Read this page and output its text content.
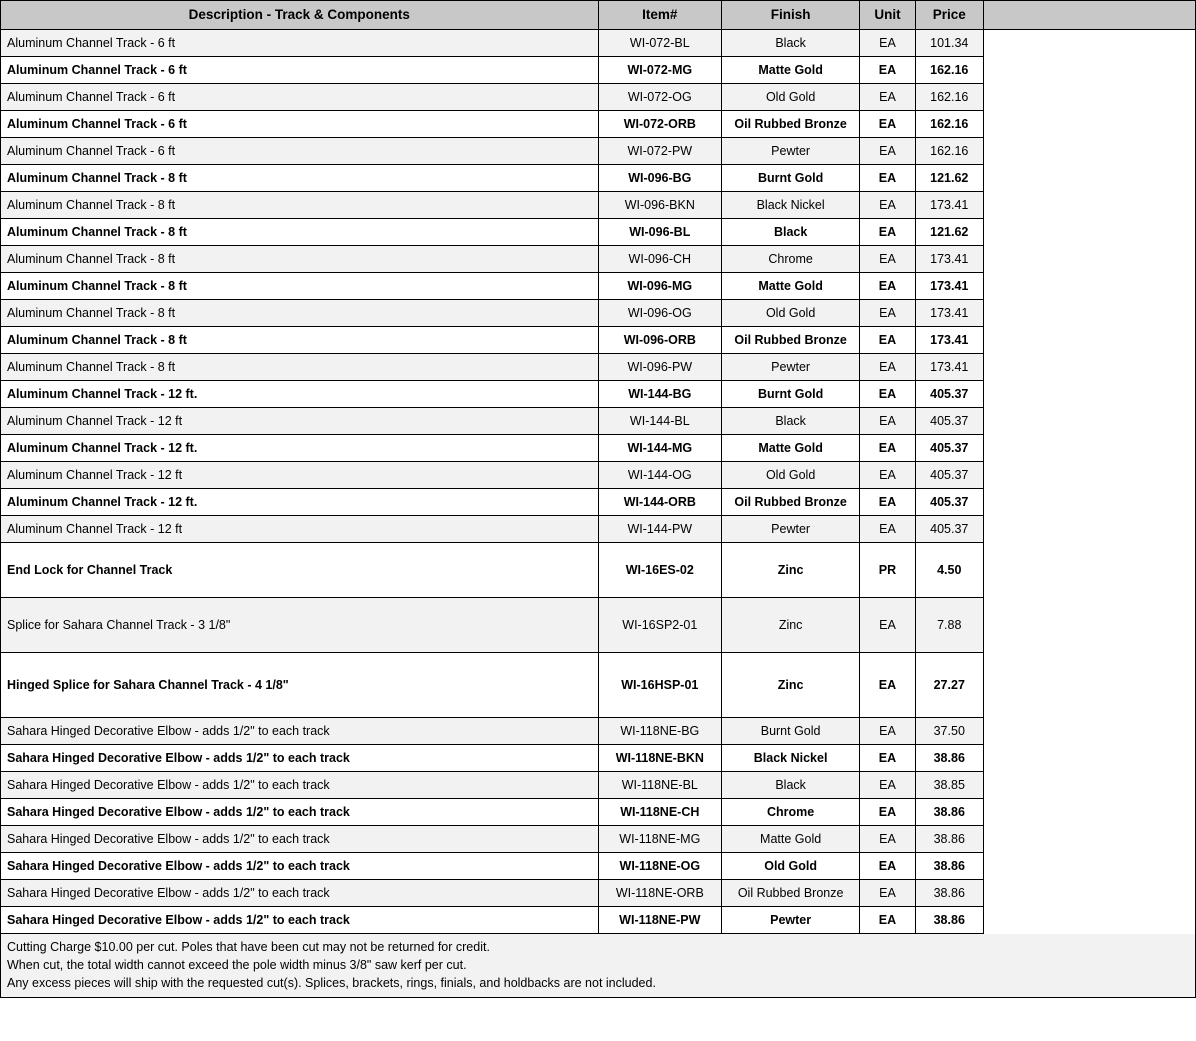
Description - Track & Components	Item#	Finish	Unit	Price	
Aluminum Channel Track - 6 ft	WI-072-BL	Black	EA	101.34	
Aluminum Channel Track - 6 ft	WI-072-MG	Matte Gold	EA	162.16	
Aluminum Channel Track - 6 ft	WI-072-OG	Old Gold	EA	162.16	
Aluminum Channel Track - 6 ft	WI-072-ORB	Oil Rubbed Bronze	EA	162.16	
Aluminum Channel Track - 6 ft	WI-072-PW	Pewter	EA	162.16	
Aluminum Channel Track - 8 ft	WI-096-BG	Burnt Gold	EA	121.62	
Aluminum Channel Track - 8 ft	WI-096-BKN	Black Nickel	EA	173.41	
Aluminum Channel Track - 8 ft	WI-096-BL	Black	EA	121.62	
Aluminum Channel Track - 8 ft	WI-096-CH	Chrome	EA	173.41	
Aluminum Channel Track - 8 ft	WI-096-MG	Matte Gold	EA	173.41	
Aluminum Channel Track - 8 ft	WI-096-OG	Old Gold	EA	173.41	
Aluminum Channel Track - 8 ft	WI-096-ORB	Oil Rubbed Bronze	EA	173.41	
Aluminum Channel Track - 8 ft	WI-096-PW	Pewter	EA	173.41	
Aluminum Channel Track - 12 ft.	WI-144-BG	Burnt Gold	EA	405.37	
Aluminum Channel Track - 12 ft	WI-144-BL	Black	EA	405.37	
Aluminum Channel Track - 12 ft.	WI-144-MG	Matte Gold	EA	405.37	
Aluminum Channel Track - 12 ft	WI-144-OG	Old Gold	EA	405.37	
Aluminum Channel Track - 12 ft.	WI-144-ORB	Oil Rubbed Bronze	EA	405.37	
Aluminum Channel Track - 12 ft	WI-144-PW	Pewter	EA	405.37	
End Lock for Channel Track	WI-16ES-02	Zinc	PR	4.50	
Splice for Sahara Channel Track - 3 1/8"	WI-16SP2-01	Zinc	EA	7.88	
Hinged Splice for Sahara Channel Track - 4 1/8"	WI-16HSP-01	Zinc	EA	27.27	
Sahara Hinged Decorative Elbow - adds 1/2" to each track	WI-118NE-BG	Burnt Gold	EA	37.50	
Sahara Hinged Decorative Elbow - adds 1/2" to each track	WI-118NE-BKN	Black Nickel	EA	38.86	
Sahara Hinged Decorative Elbow - adds 1/2" to each track	WI-118NE-BL	Black	EA	38.85	
Sahara Hinged Decorative Elbow - adds 1/2" to each track	WI-118NE-CH	Chrome	EA	38.86	
Sahara Hinged Decorative Elbow - adds 1/2" to each track	WI-118NE-MG	Matte Gold	EA	38.86	
Sahara Hinged Decorative Elbow - adds 1/2" to each track	WI-118NE-OG	Old Gold	EA	38.86	
Sahara Hinged Decorative Elbow - adds 1/2" to each track	WI-118NE-ORB	Oil Rubbed Bronze	EA	38.86	
Sahara Hinged Decorative Elbow - adds 1/2" to each track	WI-118NE-PW	Pewter	EA	38.86	
Cutting Charge $10.00 per cut. Poles that have been cut may not be returned for credit.
When cut, the total width cannot exceed the pole width minus 3/8" saw kerf per cut.
Any excess pieces will ship with the requested cut(s). Splices, brackets, rings, finials, and holdbacks are not included.
